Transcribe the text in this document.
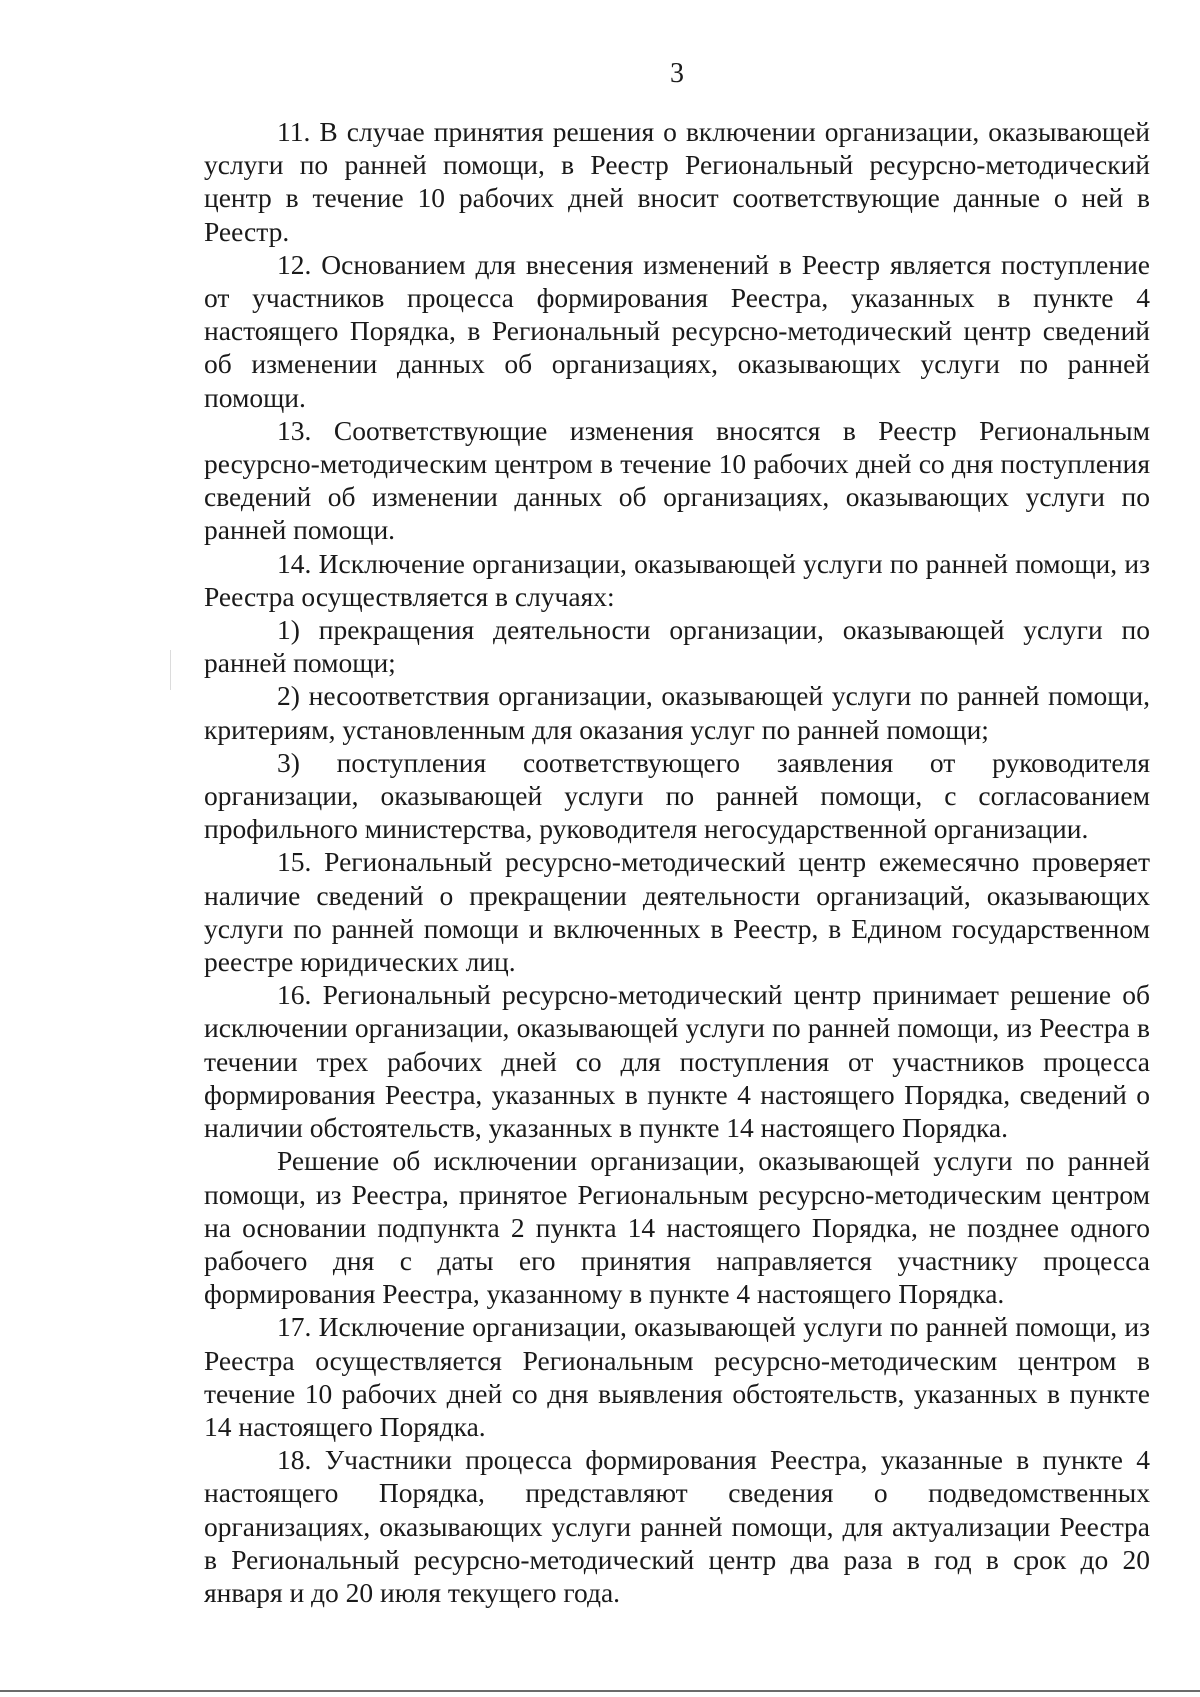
3

11. В случае принятия решения о включении организации, оказывающей услуги по ранней помощи, в Реестр Региональный ресурсно-методический центр в течение 10 рабочих дней вносит соответствующие данные о ней в Реестр.

12. Основанием для внесения изменений в Реестр является поступление от участников процесса формирования Реестра, указанных в пункте 4 настоящего Порядка, в Региональный ресурсно-методический центр сведений об изменении данных об организациях, оказывающих услуги по ранней помощи.

13. Соответствующие изменения вносятся в Реестр Региональным ресурсно-методическим центром в течение 10 рабочих дней со дня поступления сведений об изменении данных об организациях, оказывающих услуги по ранней помощи.

14. Исключение организации, оказывающей услуги по ранней помощи, из Реестра осуществляется в случаях:

1) прекращения деятельности организации, оказывающей услуги по ранней помощи;

2) несоответствия организации, оказывающей услуги по ранней помощи, критериям, установленным для оказания услуг по ранней помощи;

3) поступления соответствующего заявления от руководителя организации, оказывающей услуги по ранней помощи, с согласованием профильного министерства, руководителя негосударственной организации.

15. Региональный ресурсно-методический центр ежемесячно проверяет наличие сведений о прекращении деятельности организаций, оказывающих услуги по ранней помощи и включенных в Реестр, в Едином государственном реестре юридических лиц.

16. Региональный ресурсно-методический центр принимает решение об исключении организации, оказывающей услуги по ранней помощи, из Реестра в течении трех рабочих дней со для поступления от участников процесса формирования Реестра, указанных в пункте 4 настоящего Порядка, сведений о наличии обстоятельств, указанных в пункте 14 настоящего Порядка.

Решение об исключении организации, оказывающей услуги по ранней помощи, из Реестра, принятое Региональным ресурсно-методическим центром на основании подпункта 2 пункта 14 настоящего Порядка, не позднее одного рабочего дня с даты его принятия направляется участнику процесса формирования Реестра, указанному в пункте 4 настоящего Порядка.

17. Исключение организации, оказывающей услуги по ранней помощи, из Реестра осуществляется Региональным ресурсно-методическим центром в течение 10 рабочих дней со дня выявления обстоятельств, указанных в пункте 14 настоящего Порядка.

18. Участники процесса формирования Реестра, указанные в пункте 4 настоящего Порядка, представляют сведения о подведомственных организациях, оказывающих услуги ранней помощи, для актуализации Реестра в Региональный ресурсно-методический центр два раза в год в срок до 20 января и до 20 июля текущего года.
